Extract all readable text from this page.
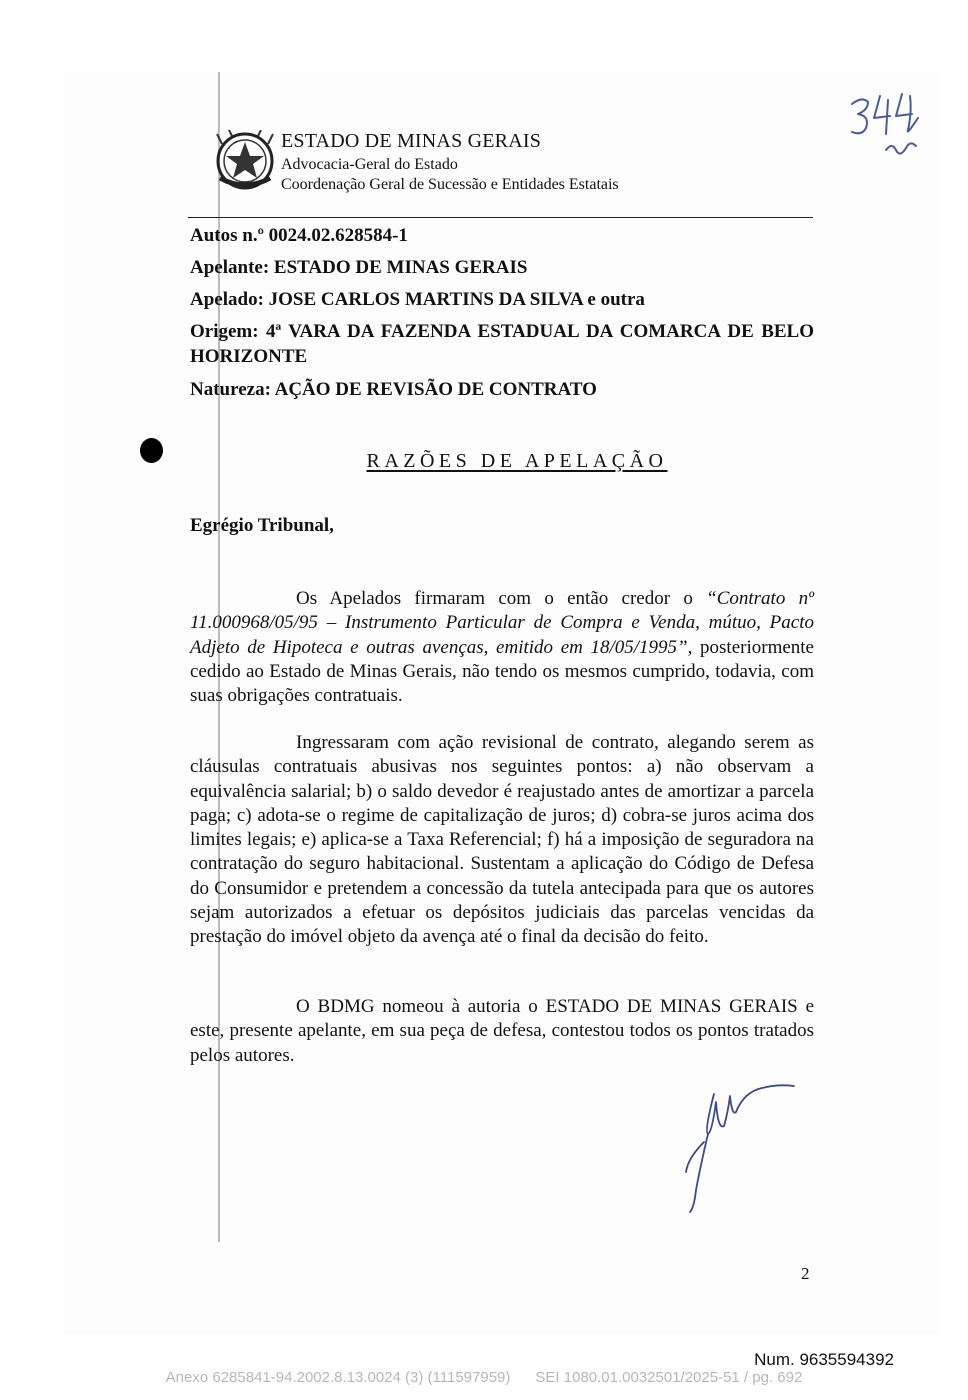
ESTADO DE MINAS GERAIS
Advocacia-Geral do Estado
Coordenação Geral de Sucessão e Entidades Estatais
Autos n.º 0024.02.628584-1
Apelante: ESTADO DE MINAS GERAIS
Apelado: JOSE CARLOS MARTINS DA SILVA e outra
Origem: 4ª VARA DA FAZENDA ESTADUAL DA COMARCA DE BELO HORIZONTE
Natureza: AÇÃO DE REVISÃO DE CONTRATO
RAZÕES DE APELAÇÃO
Egrégio Tribunal,
Os Apelados firmaram com o então credor o “Contrato nº 11.000968/05/95 – Instrumento Particular de Compra e Venda, mútuo, Pacto Adjeto de Hipoteca e outras avenças, emitido em 18/05/1995”, posteriormente cedido ao Estado de Minas Gerais, não tendo os mesmos cumprido, todavia, com suas obrigações contratuais.
Ingressaram com ação revisional de contrato, alegando serem as cláusulas contratuais abusivas nos seguintes pontos: a) não observam a equivalência salarial; b) o saldo devedor é reajustado antes de amortizar a parcela paga; c) adota-se o regime de capitalização de juros; d) cobra-se juros acima dos limites legais; e) aplica-se a Taxa Referencial; f) há a imposição de seguradora na contratação do seguro habitacional. Sustentam a aplicação do Código de Defesa do Consumidor e pretendem a concessão da tutela antecipada para que os autores sejam autorizados a efetuar os depósitos judiciais das parcelas vencidas da prestação do imóvel objeto da avença até o final da decisão do feito.
O BDMG nomeou à autoria o ESTADO DE MINAS GERAIS e este, presente apelante, em sua peça de defesa, contestou todos os pontos tratados pelos autores.
2
Num. 9635594392
Anexo 6285841-94.2002.8.13.0024 (3) (111597959) SEI 1080.01.0032501/2025-51 / pg. 692
